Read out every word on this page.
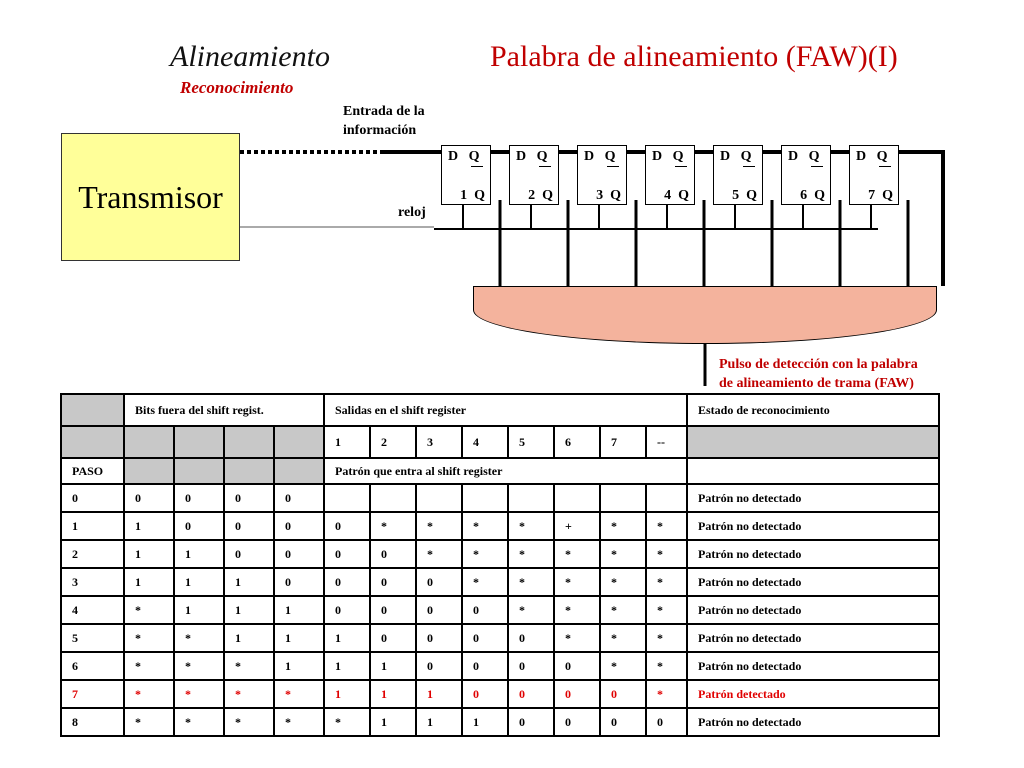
Alineamiento
Reconocimiento
Palabra de alineamiento (FAW)(I)
Transmisor
Entrada de la
información
reloj
D   Q
1  Q
D   Q
2  Q
D   Q
3  Q
D   Q
4  Q
D   Q
5  Q
D   Q
6  Q
D   Q
7  Q
Pulso de detección con la palabra
de alineamiento de trama (FAW)
	Bits fuera del shift regist.				Salidas en el shift register								Estado de reconocimiento
					1	2	3	4	5	6	7	--	
PASO					Patrón que entra al shift register								
0	0	0	0	0									Patrón no detectado
1	1	0	0	0	0	*	*	*	*	+	*	*	Patrón no detectado
2	1	1	0	0	0	0	*	*	*	*	*	*	Patrón no detectado
3	1	1	1	0	0	0	0	*	*	*	*	*	Patrón no detectado
4	*	1	1	1	0	0	0	0	*	*	*	*	Patrón no detectado
5	*	*	1	1	1	0	0	0	0	*	*	*	Patrón no detectado
6	*	*	*	1	1	1	0	0	0	0	*	*	Patrón no detectado
7	*	*	*	*	1	1	1	0	0	0	0	*	Patrón detectado
8	*	*	*	*	*	1	1	1	0	0	0	0	Patrón no detectado
